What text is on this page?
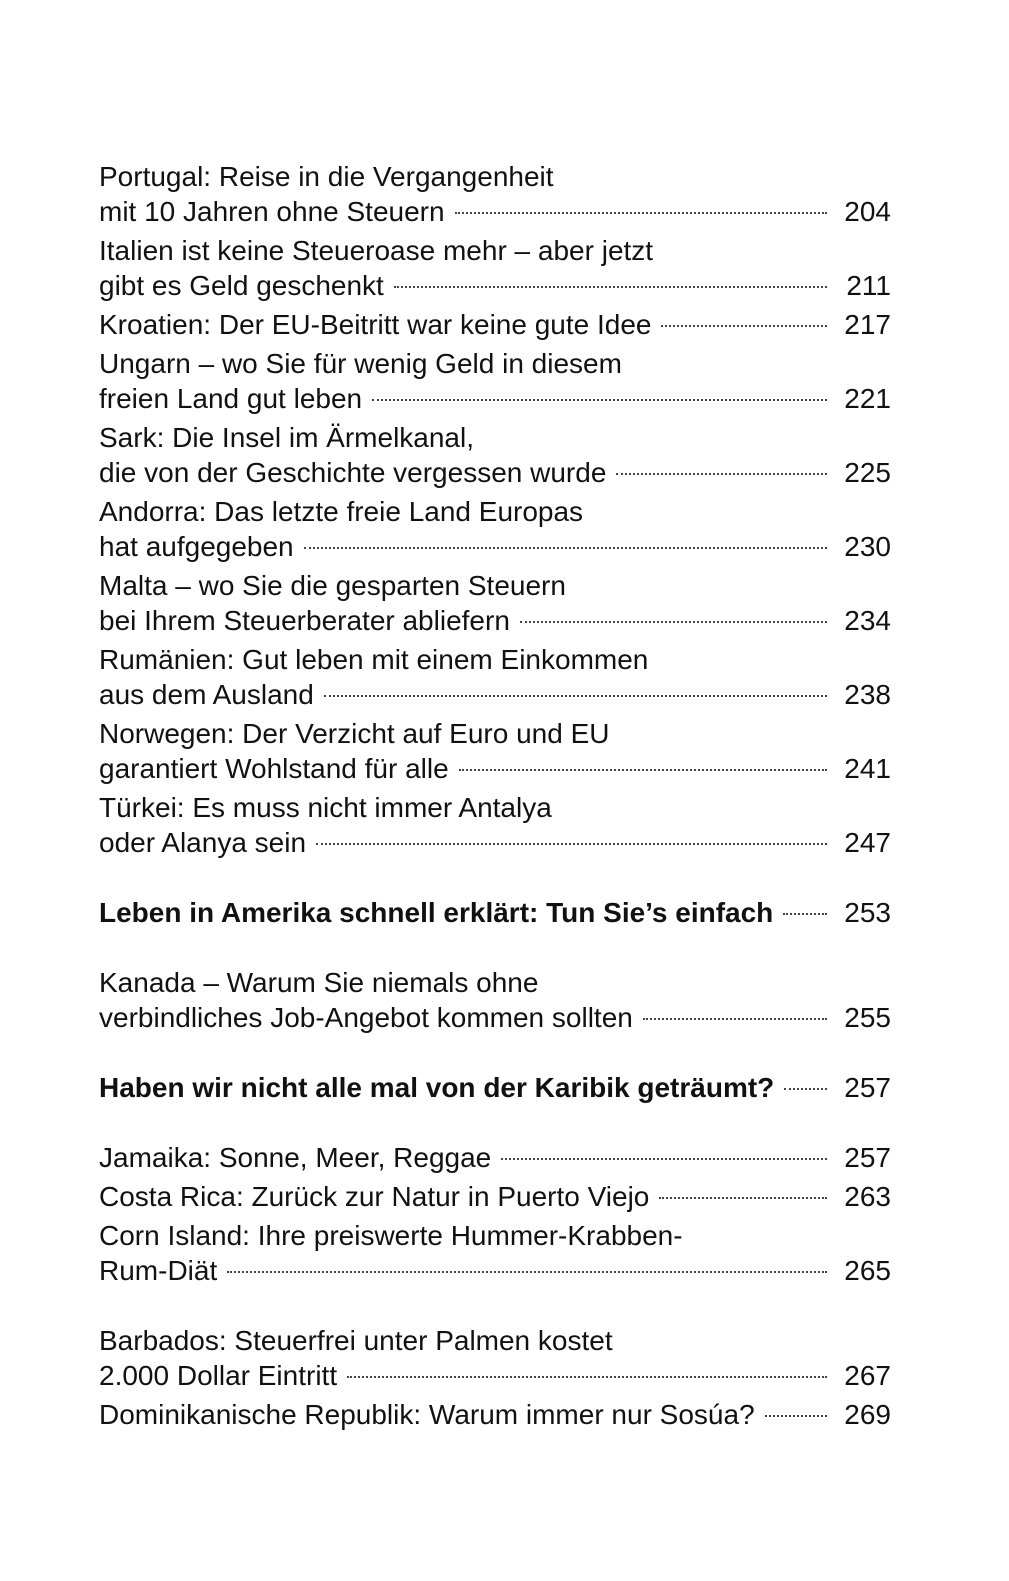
Portugal: Reise in die Vergangenheit
mit 10 Jahren ohne Steuern	204
Italien ist keine Steueroase mehr – aber jetzt
gibt es Geld geschenkt	211
Kroatien: Der EU-Beitritt war keine gute Idee	217
Ungarn – wo Sie für wenig Geld in diesem
freien Land gut leben	221
Sark: Die Insel im Ärmelkanal,
die von der Geschichte vergessen wurde	225
Andorra: Das letzte freie Land Europas
hat aufgegeben	230
Malta – wo Sie die gesparten Steuern
bei Ihrem Steuerberater abliefern	234
Rumänien: Gut leben mit einem Einkommen
aus dem Ausland	238
Norwegen: Der Verzicht auf Euro und EU
garantiert Wohlstand für alle	241
Türkei: Es muss nicht immer Antalya
oder Alanya sein	247
Leben in Amerika schnell erklärt: Tun Sie’s einfach	253
Kanada – Warum Sie niemals ohne
verbindliches Job-Angebot kommen sollten	255
Haben wir nicht alle mal von der Karibik geträumt?	257
Jamaika: Sonne, Meer, Reggae	257
Costa Rica: Zurück zur Natur in Puerto Viejo	263
Corn Island: Ihre preiswerte Hummer-Krabben-
Rum-Diät	265
Barbados: Steuerfrei unter Palmen kostet
2.000 Dollar Eintritt	267
Dominikanische Republik: Warum immer nur Sosúa?	269
